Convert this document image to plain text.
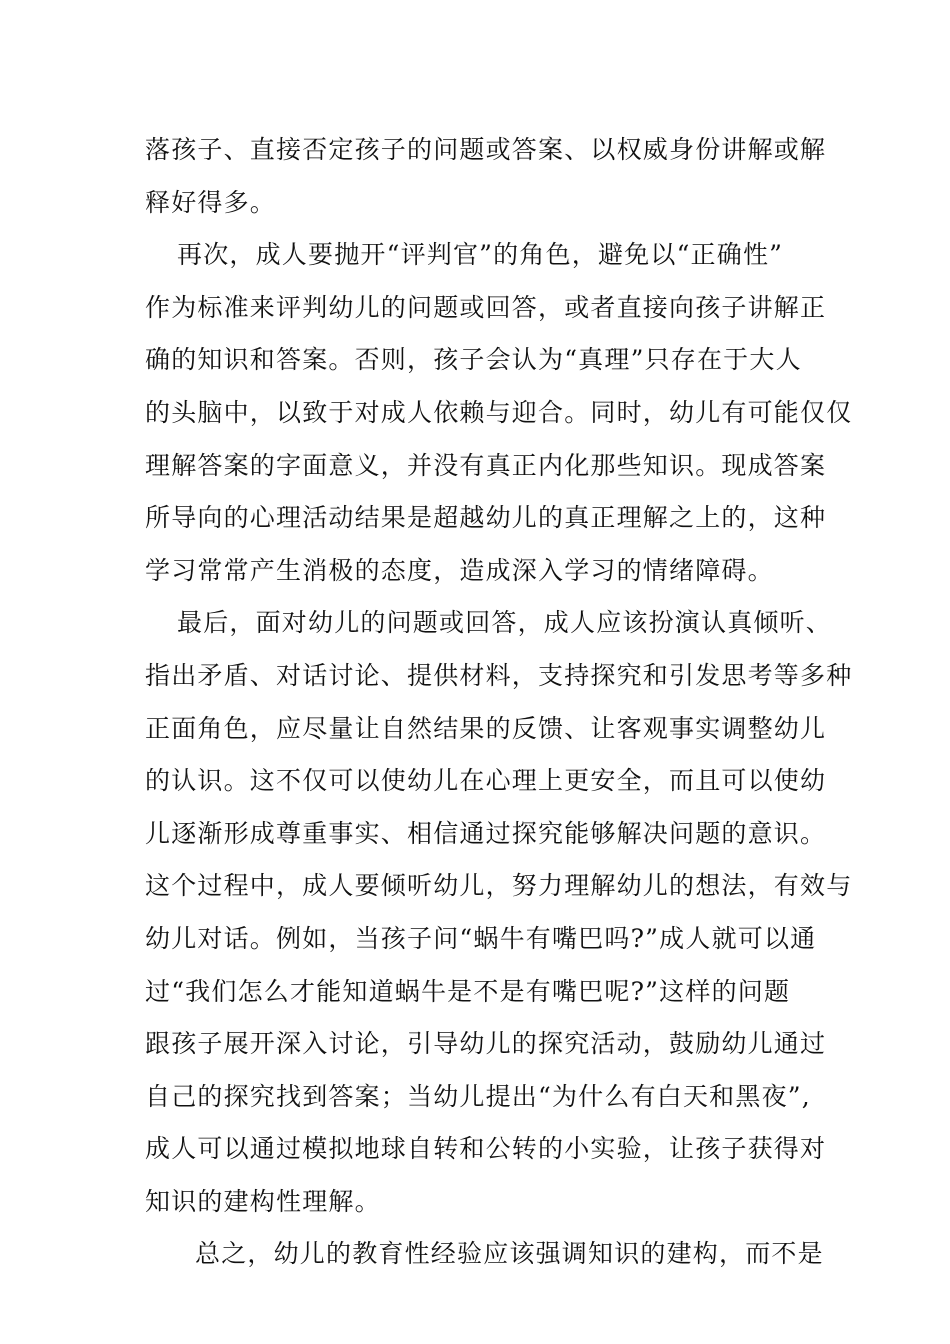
落孩子、直接否定孩子的问题或答案、以权威身份讲解或解
释好得多。
再次，成人要抛开“评判官”的角色，避免以“正确性”
作为标准来评判幼儿的问题或回答，或者直接向孩子讲解正
确的知识和答案。否则，孩子会认为“真理”只存在于大人
的头脑中，以致于对成人依赖与迎合。同时，幼儿有可能仅仅
理解答案的字面意义，并没有真正内化那些知识。现成答案
所导向的心理活动结果是超越幼儿的真正理解之上的，这种
学习常常产生消极的态度，造成深入学习的情绪障碍。
最后，面对幼儿的问题或回答，成人应该扮演认真倾听、
指出矛盾、对话讨论、提供材料，支持探究和引发思考等多种
正面角色，应尽量让自然结果的反馈、让客观事实调整幼儿
的认识。这不仅可以使幼儿在心理上更安全，而且可以使幼
儿逐渐形成尊重事实、相信通过探究能够解决问题的意识。
这个过程中，成人要倾听幼儿，努力理解幼儿的想法，有效与
幼儿对话。例如，当孩子问“蜗牛有嘴巴吗?”成人就可以通
过“我们怎么才能知道蜗牛是不是有嘴巴呢?”这样的问题
跟孩子展开深入讨论，引导幼儿的探究活动，鼓励幼儿通过
自己的探究找到答案；当幼儿提出“为什么有白天和黑夜”,
成人可以通过模拟地球自转和公转的小实验，让孩子获得对
知识的建构性理解。
总之，幼儿的教育性经验应该强调知识的建构，而不是
